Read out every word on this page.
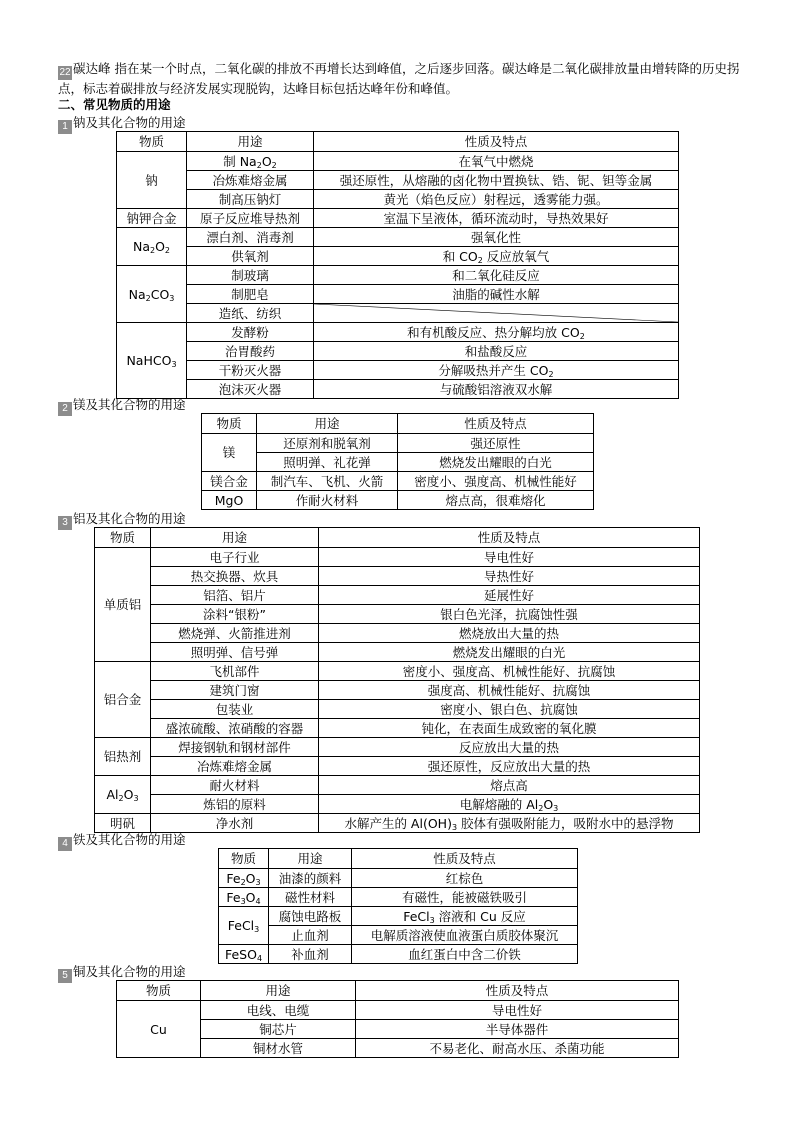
22 碳达峰 指在某一个时点，二氧化碳的排放不再增长达到峰值，之后逐步回落。碳达峰是二氧化碳排放量由增转降的历史拐点，标志着碳排放与经济发展实现脱钩，达峰目标包括达峰年份和峰值。
二、常见物质的用途
1 钠及其化合物的用途
物质	用途	性质及特点
钠	制 $Na_2O_2$	在氧气中燃烧
	冶炼难熔金属	强还原性，从熔融的卤化物中置换钛、锆、铌、钽等金属
	制高压钠灯	黄光（焰色反应）射程远，透雾能力强。
钠钾合金	原子反应堆导热剂	室温下呈液体，循环流动时，导热效果好
$Na_2O_2$	漂白剂、消毒剂	强氧化性
	供氧剂	和 $CO_2$ 反应放氧气
$Na_2CO_3$	制玻璃	和二氧化硅反应
	制肥皂	油脂的碱性水解
	造纸、纺织	

NaHCO$_3$	发酵粉	和有机酸反应、热分解均放 $CO_2$
	治胃酸药	和盐酸反应
	干粉灭火器	分解吸热并产生 $CO_2$
	泡沫灭火器	与硫酸铝溶液双水解
2 镁及其化合物的用途
物质	用途	性质及特点
镁	还原剂和脱氧剂	强还原性
	照明弹、礼花弹	燃烧发出耀眼的白光
镁合金	制汽车、飞机、火箭	密度小、强度高、机械性能好
MgO	作耐火材料	熔点高，很难熔化
3 铝及其化合物的用途
物质	用途	性质及特点
单质铝	电子行业	导电性好
	热交换器、炊具	导热性好
	铝箔、铝片	延展性好
	涂料“银粉”	银白色光泽，抗腐蚀性强
	燃烧弹、火箭推进剂	燃烧放出大量的热
	照明弹、信号弹	燃烧发出耀眼的白光
铝合金	飞机部件	密度小、强度高、机械性能好、抗腐蚀
	建筑门窗	强度高、机械性能好、抗腐蚀
	包装业	密度小、银白色、抗腐蚀
	盛浓硫酸、浓硝酸的容器	钝化，在表面生成致密的氧化膜
铝热剂	焊接钢轨和钢材部件	反应放出大量的热
	冶炼难熔金属	强还原性，反应放出大量的热
$Al_2O_3$	耐火材料	熔点高
	炼铝的原料	电解熔融的 $Al_2O_3$
明矾	净水剂	水解产生的 $Al(OH)_3$ 胶体有强吸附能力，吸附水中的悬浮物
4 铁及其化合物的用途
物质	用途	性质及特点
$Fe_2O_3$	油漆的颜料	红棕色
$Fe_3O_4$	磁性材料	有磁性，能被磁铁吸引
FeCl$_3$	腐蚀电路板	FeCl$_3$ 溶液和 Cu 反应
	止血剂	电解质溶液使血液蛋白质胶体聚沉
FeSO$_4$	补血剂	血红蛋白中含二价铁
5 铜及其化合物的用途
物质	用途	性质及特点
Cu	电线、电缆	导电性好
	铜芯片	半导体器件
	铜材水管	不易老化、耐高水压、杀菌功能
